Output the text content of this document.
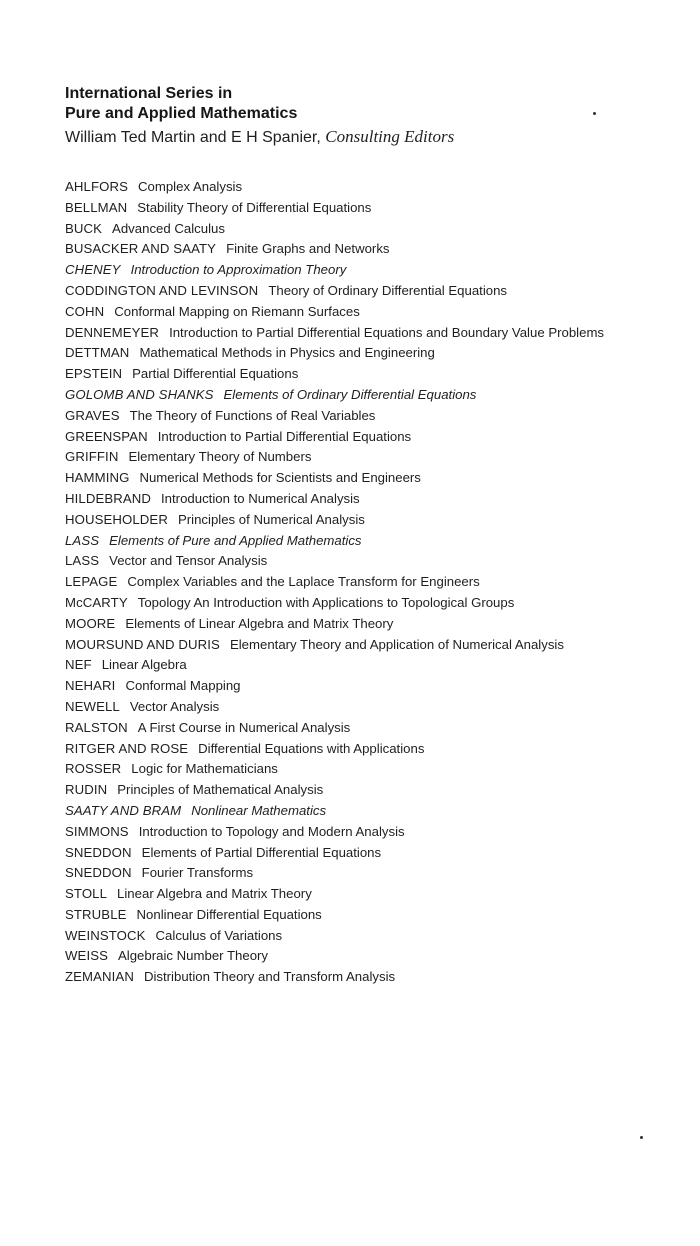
International Series in
Pure and Applied Mathematics
William Ted Martin and E H Spanier, Consulting Editors
AHLFORS Complex Analysis
BELLMAN Stability Theory of Differential Equations
BUCK Advanced Calculus
BUSACKER AND SAATY Finite Graphs and Networks
CHENEY Introduction to Approximation Theory
CODDINGTON AND LEVINSON Theory of Ordinary Differential Equations
COHN Conformal Mapping on Riemann Surfaces
DENNEMEYER Introduction to Partial Differential Equations and Boundary Value Problems
DETTMAN Mathematical Methods in Physics and Engineering
EPSTEIN Partial Differential Equations
GOLOMB AND SHANKS Elements of Ordinary Differential Equations
GRAVES The Theory of Functions of Real Variables
GREENSPAN Introduction to Partial Differential Equations
GRIFFIN Elementary Theory of Numbers
HAMMING Numerical Methods for Scientists and Engineers
HILDEBRAND Introduction to Numerical Analysis
HOUSEHOLDER Principles of Numerical Analysis
LASS Elements of Pure and Applied Mathematics
LASS Vector and Tensor Analysis
LEPAGE Complex Variables and the Laplace Transform for Engineers
McCARTY Topology An Introduction with Applications to Topological Groups
MOORE Elements of Linear Algebra and Matrix Theory
MOURSUND AND DURIS Elementary Theory and Application of Numerical Analysis
NEF Linear Algebra
NEHARI Conformal Mapping
NEWELL Vector Analysis
RALSTON A First Course in Numerical Analysis
RITGER AND ROSE Differential Equations with Applications
ROSSER Logic for Mathematicians
RUDIN Principles of Mathematical Analysis
SAATY AND BRAM Nonlinear Mathematics
SIMMONS Introduction to Topology and Modern Analysis
SNEDDON Elements of Partial Differential Equations
SNEDDON Fourier Transforms
STOLL Linear Algebra and Matrix Theory
STRUBLE Nonlinear Differential Equations
WEINSTOCK Calculus of Variations
WEISS Algebraic Number Theory
ZEMANIAN Distribution Theory and Transform Analysis
